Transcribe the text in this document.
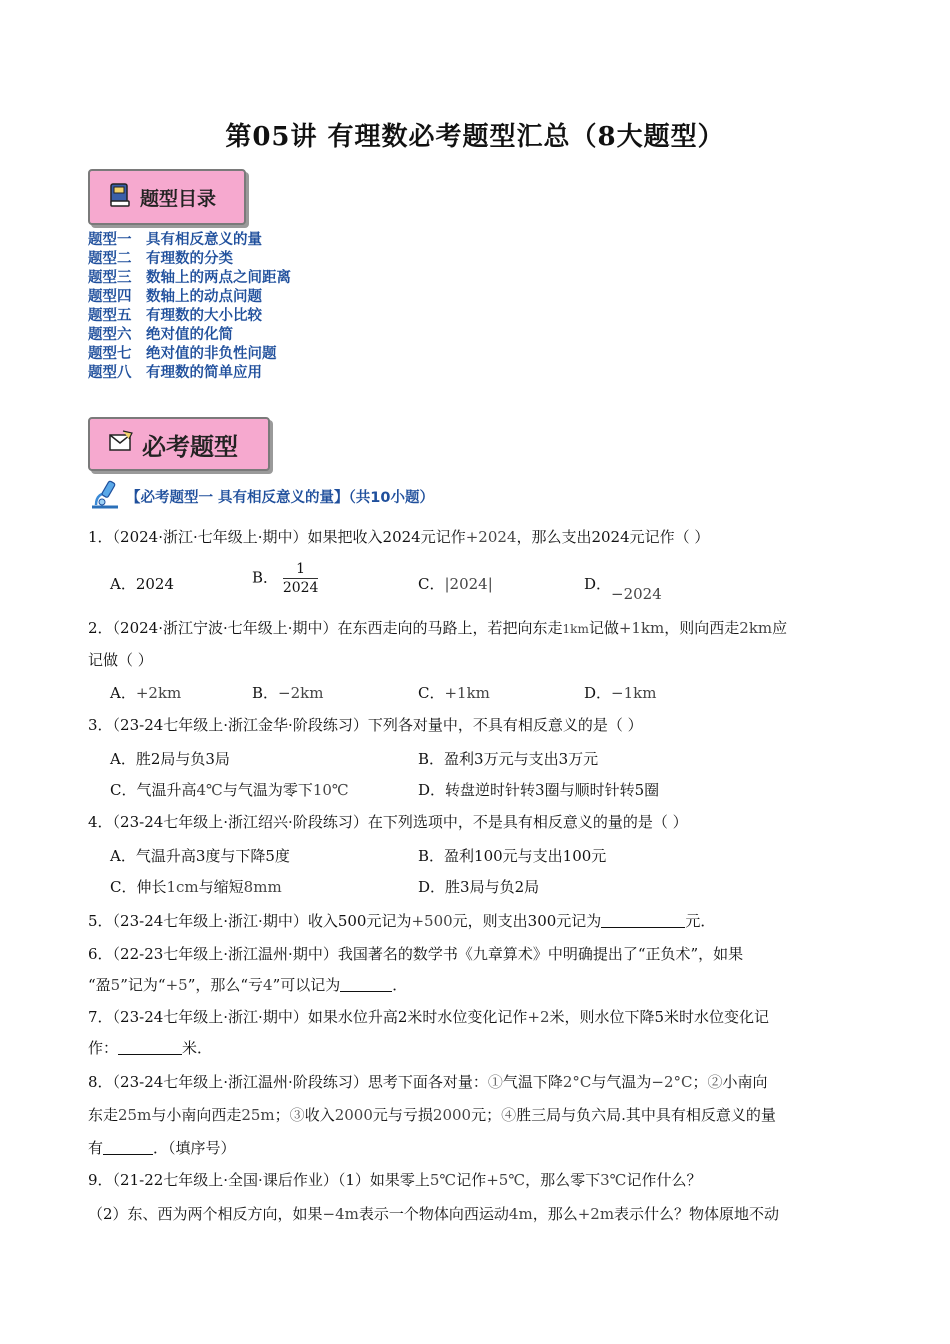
第05讲 有理数必考题型汇总（8大题型）
题型目录
题型一 具有相反意义的量
题型二 有理数的分类
题型三 数轴上的两点之间距离
题型四 数轴上的动点问题
题型五 有理数的大小比较
题型六 绝对值的化简
题型七 绝对值的非负性问题
题型八 有理数的简单应用
必考题型
【必考题型一 具有相反意义的量】（共10小题）
1．（2024·浙江·七年级上·期中）如果把收入2024元记作+2024，那么支出2024元记作（ ）
A．2024	B． $\frac{1}{2024}$	C．|2024|	D．−2024
2．（2024·浙江宁波·七年级上·期中）在东西走向的马路上，若把向东走1km记做+1km，则向西走2km应
记做（ ）
A．+2km	B．−2km	C．+1km	D．−1km
3．（23-24七年级上·浙江金华·阶段练习）下列各对量中，不具有相反意义的是（ ）
A．胜2局与负3局	B．盈利3万元与支出3万元
C．气温升高4℃与气温为零下10℃	D．转盘逆时针转3圈与顺时针转5圈
4．（23-24七年级上·浙江绍兴·阶段练习）在下列选项中，不是具有相反意义的量的是（ ）
A．气温升高3度与下降5度	B．盈利100元与支出100元
C．伸长1cm与缩短8mm	D．胜3局与负2局
5．（23-24七年级上·浙江·期中）收入500元记为+500元，则支出300元记为	元．
6．（22-23七年级上·浙江温州·期中）我国著名的数学书《九章算术》中明确提出了“正负术”，如果
“盈5”记为“+5”，那么“亏4”可以记为	．
7．（23-24七年级上·浙江·期中）如果水位升高2米时水位变化记作+2米，则水位下降5米时水位变化记
作：	米．
8．（23-24七年级上·浙江温州·阶段练习）思考下面各对量：①气温下降2°C与气温为−2°C；②小南向
东走25m与小南向西走25m；③收入2000元与亏损2000元；④胜三局与负六局.其中具有相反意义的量
有	．（填序号）
9．（21-22七年级上·全国·课后作业）（1）如果零上5℃记作+5℃，那么零下3℃记作什么？
（2）东、西为两个相反方向，如果−4m表示一个物体向西运动4m，那么+2m表示什么？物体原地不动
